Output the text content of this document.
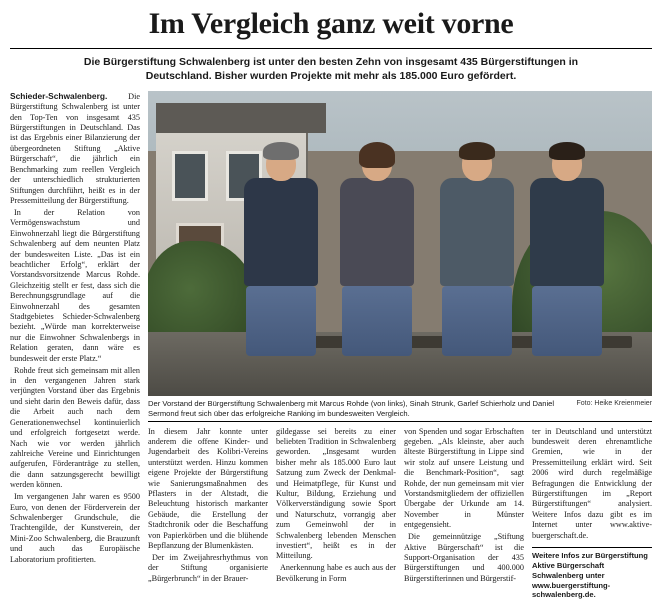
Im Vergleich ganz weit vorne
Die Bürgerstiftung Schwalenberg ist unter den besten Zehn von insgesamt 435 Bürgerstiftungen in Deutschland. Bisher wurden Projekte mit mehr als 185.000 Euro gefördert.

Schieder-Schwalenberg.	Die Bürgerstiftung Schwalenberg ist unter den Top-Ten von insgesamt 435 Bürgerstiftungen in Deutschland. Das ist das Ergebnis einer Bilanzierung der übergeordneten Stiftung „Aktive Bürgerschaft“, die jährlich ein Benchmarking zum reellen Vergleich der unterschiedlich strukturierten Stiftungen durchführt, heißt es in der Pressemitteilung der Bürgerstiftung.

In der Relation von Vermögenswachstum und Einwohnerzahl liegt die Bürgerstiftung Schwalenberg auf dem neunten Platz der bundesweiten Liste. „Das ist ein beachtlicher Erfolg“, erklärt der Vorstandsvorsitzende Marcus Rohde. Gleichzeitig stellt er fest, dass sich die Berechnungsgrundlage auf die Einwohnerzahl des gesamten Stadtgebietes Schieder-Schwalenberg bezieht. „Würde man korrekterweise nur die Einwohner Schwalenbergs in Relation geraten, dann wäre es bundesweit der erste Platz.“

Rohde freut sich gemeinsam mit allen in den vergangenen Jahren stark verjüngten Vorstand über das Ergebnis und sieht darin den Beweis dafür, dass die Arbeit auch nach dem Generationenwechsel kontinuierlich und erfolgreich fortgesetzt werde. Nach wie vor werden jährlich zahlreiche Vereine und Einrichtungen aufgerufen, Förderanträge zu stellen, die dann satzungsgerecht bewilligt werden können.

Im vergangenen Jahr waren es 9500 Euro, von denen der Förderverein der Schwalenberger Grundschule, die Trachtengilde, der Kunstverein, der Mini-Zoo Schwalenberg, die Brauzunft und auch das Europäische Laboratorium profitierten.

Der Vorstand der Bürgerstiftung Schwalenberg mit Marcus Rohde (von links), Sinah Strunk, Garlef Schierholz und Daniel Sermond freut sich über das erfolgreiche Ranking im bundesweiten Vergleich.
Foto: Heike Kreienmeier

In diesem Jahr konnte unter anderem die offene Kinder- und Jugendarbeit des Kolibri-Vereins unterstützt werden. Hinzu kommen eigene Projekte der Bürgerstiftung wie Sanierungsmaßnahmen des Pflasters in der Altstadt, die Beleuchtung historisch markanter Gebäude, die Erstellung der Stadtchronik oder die Beschaffung von Papierkörben und die blühende Bepflanzung der Blumenkästen.

Der im Zweijahresrhythmus von der Stiftung organisierte „Bürgerbrunch“ in der Brauer-

gildegasse sei bereits zu einer beliebten Tradition in Schwalenberg geworden. „Insgesamt wurden bisher mehr als 185.000 Euro laut Satzung zum Zweck der Denkmal- und Heimatpflege, für Kunst und Kultur, Bildung, Erziehung und Völkerverständigung sowie Sport und Naturschutz, vorrangig aber zum Gemeinwohl der in Schwalenberg lebenden Menschen investiert“, heißt es in der Mitteilung.

Anerkennung habe es auch aus der Bevölkerung in Form

von Spenden und sogar Erbschaften gegeben. „Als kleinste, aber auch älteste Bürgerstiftung in Lippe sind wir stolz auf unsere Leistung und die Benchmark-Position“, sagt Rohde, der nun gemeinsam mit vier Vorstandsmitgliedern der offiziellen Übergabe der Urkunde am 14. November in Münster entgegensieht.

Die gemeinnützige „Stiftung Aktive Bürgerschaft“ ist die Support-Organisation der 435 Bürgerstiftungen und 400.000 Bürgerstifterinnen und Bürgerstif-

ter in Deutschland und unterstützt bundesweit deren ehrenamtliche Gremien, wie in der Pressemitteilung erklärt wird. Seit 2006 wird durch regelmäßige Befragungen die Entwicklung der Bürgerstiftungen im „Report Bürgerstiftungen“ analysiert. Weitere Infos dazu gibt es im Internet unter www.aktive-buergerschaft.de.

Weitere Infos zur Bürgerstiftung Aktive Bürgerschaft Schwalenberg unter www.buergerstiftung-schwalenberg.de.
